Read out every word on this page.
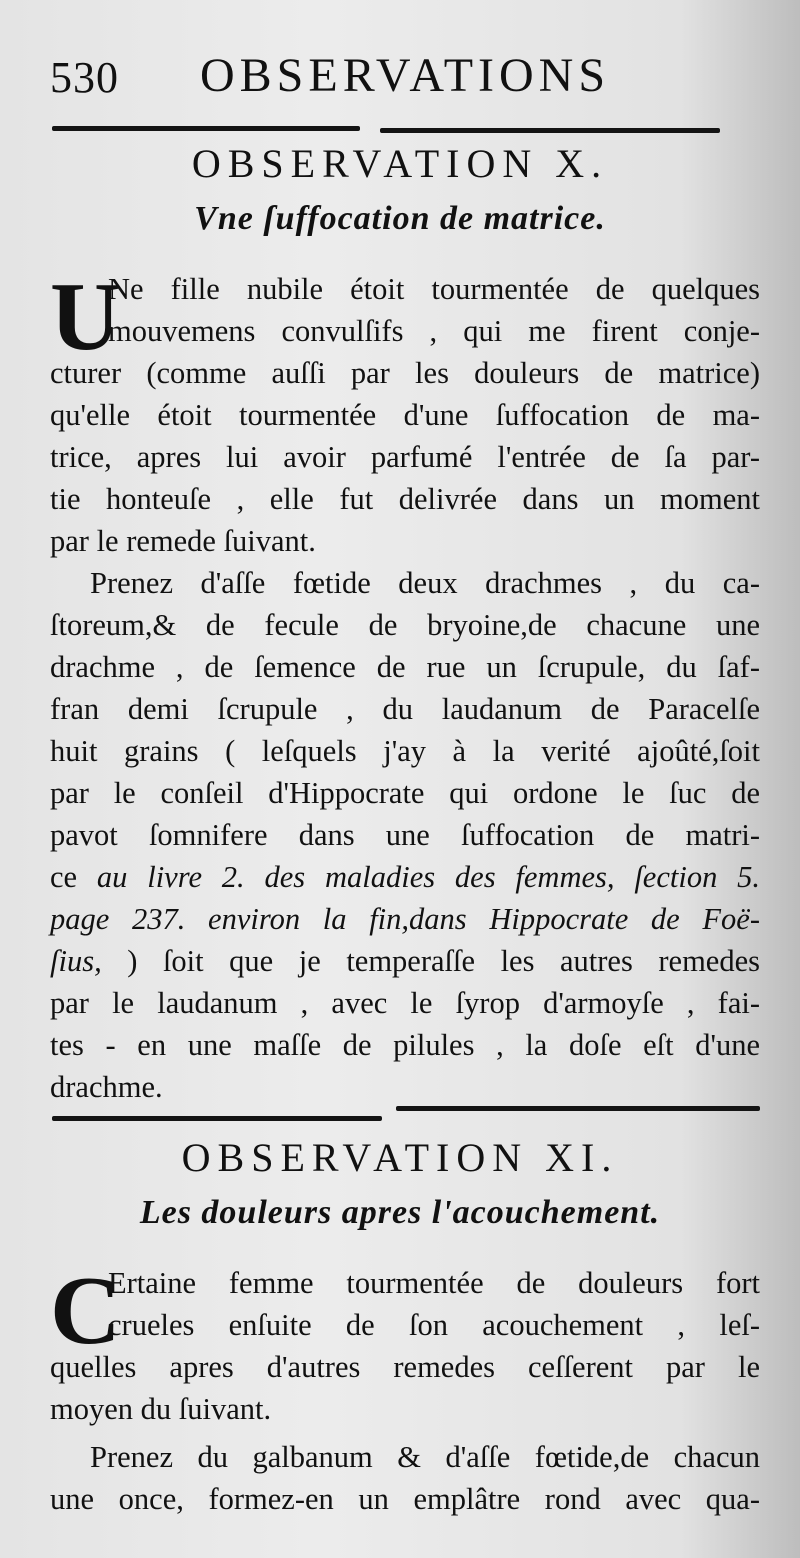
530 OBSERVATIONS
OBSERVATION X.
Vne ſuffocation de matrice.
U
Ne fille nubile étoit tourmentée de quelques
mouvemens convulſifs , qui me firent conje-
cturer (comme auſſi par les douleurs de matrice)
qu'elle étoit tourmentée d'une ſuffocation de ma-
trice, apres lui avoir parfumé l'entrée de ſa par-
tie honteuſe , elle fut delivrée dans un moment
par le remede ſuivant.
Prenez d'aſſe fœtide deux drachmes , du ca-
ſtoreum,& de fecule de bryoine,de chacune une
drachme , de ſemence de rue un ſcrupule, du ſaf-
fran demi ſcrupule , du laudanum de Paracelſe
huit grains ( leſquels j'ay à la verité ajoûté,ſoit
par le conſeil d'Hippocrate qui ordone le ſuc de
pavot ſomnifere dans une ſuffocation de matri-
ce au livre 2. des maladies des femmes, ſection 5.
page 237. environ la fin,dans Hippocrate de Foë-
ſius, ) ſoit que je temperaſſe les autres remedes
par le laudanum , avec le ſyrop d'armoyſe , fai-
tes - en une maſſe de pilules , la doſe eſt d'une
drachme.
OBSERVATION XI.
Les douleurs apres l'acouchement.
C
Ertaine femme tourmentée de douleurs fort
crueles enſuite de ſon acouchement , leſ-
quelles apres d'autres remedes ceſſerent par le
moyen du ſuivant.
Prenez du galbanum & d'aſſe fœtide,de chacun
une once, formez-en un emplâtre rond avec qua-
